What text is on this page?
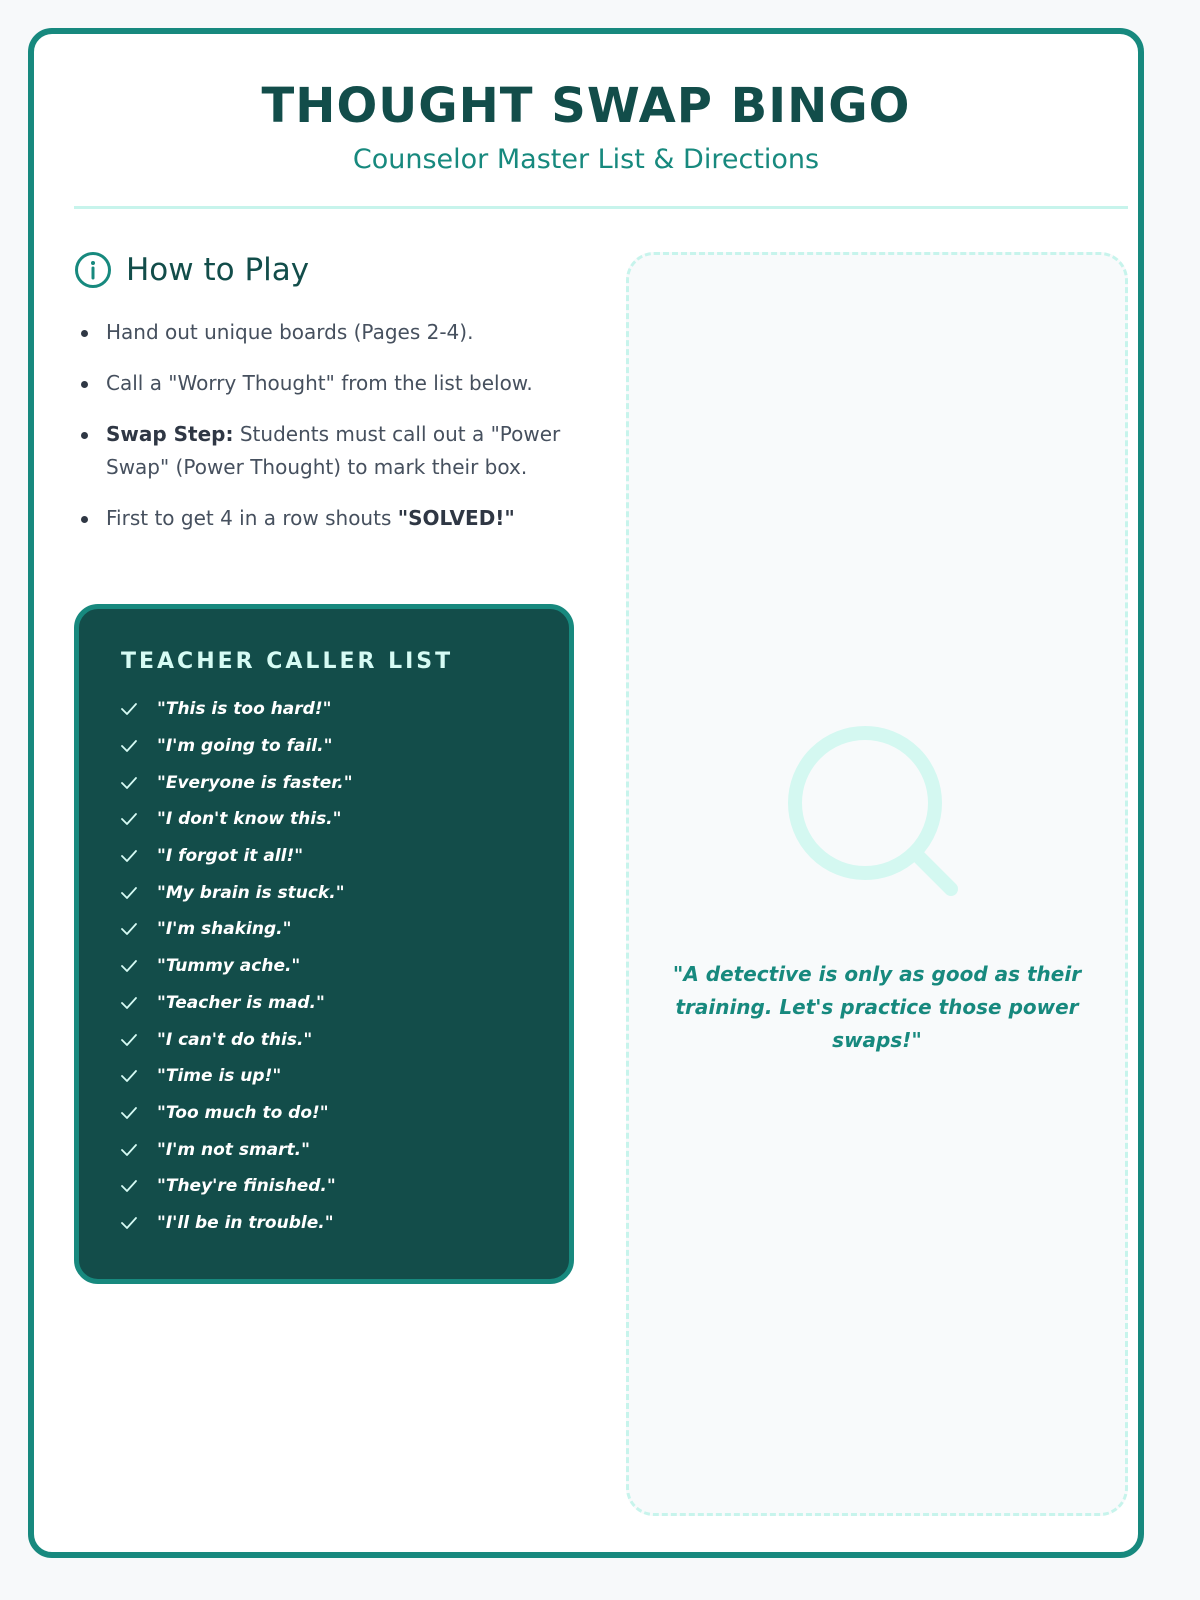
THOUGHT SWAP BINGO
Counselor Master List & Directions
How to Play
Hand out unique boards (Pages 2-4).
Call a "Worry Thought" from the list below.
Swap Step: Students must call out a "Power Swap" (Power Thought) to mark their box.
First to get 4 in a row shouts "SOLVED!"
TEACHER CALLER LIST
"This is too hard!"
"I'm going to fail."
"Everyone is faster."
"I don't know this."
"I forgot it all!"
"My brain is stuck."
"I'm shaking."
"Tummy ache."
"Teacher is mad."
"I can't do this."
"Time is up!"
"Too much to do!"
"I'm not smart."
"They're finished."
"I'll be in trouble."
"A detective is only as good as their training. Let's practice those power swaps!"
